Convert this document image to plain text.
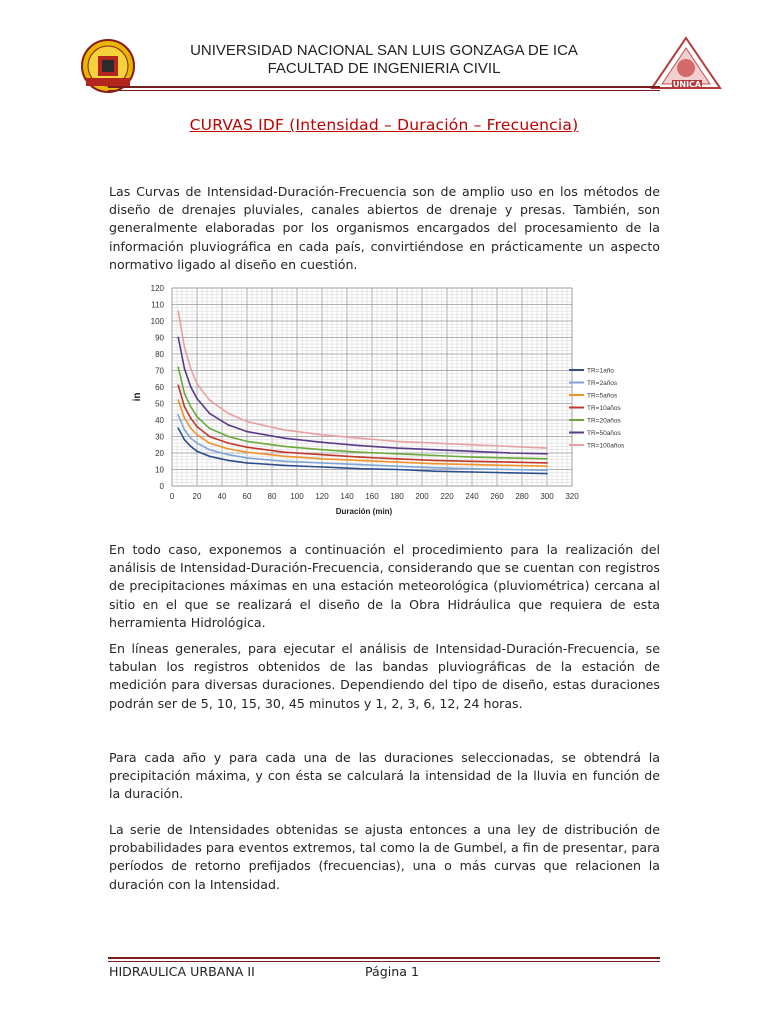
UNICA
UNIVERSIDAD NACIONAL SAN LUIS GONZAGA DE ICA
FACULTAD DE INGENIERIA CIVIL
CURVAS IDF (Intensidad – Duración – Frecuencia)

Las Curvas de Intensidad-Duración-Frecuencia son de amplio uso en los métodos de diseño de drenajes pluviales, canales abiertos de drenaje y presas. También, son generalmente elaboradas por los organismos encargados del procesamiento de la información pluviográfica en cada país, convirtiéndose en prácticamente un aspecto normativo ligado al diseño en cuestión.

0 20 40 60 80 100 120 140 160 180 200 220 240 260 280 300 320
0
10
20
30
40
50
60
70
80
90
100
110
120
Duración (min)
in
TR=1año
TR=2años
TR=5años
TR=10años
TR=20años
TR=50años
TR=100años

En todo caso, exponemos a continuación el procedimiento para la realización del análisis de Intensidad-Duración-Frecuencia, considerando que se cuentan con registros de precipitaciones máximas en una estación meteorológica (pluviométrica) cercana al sitio en el que se realizará el diseño de la Obra Hidráulica que requiera de esta herramienta Hidrológica.

En líneas generales, para ejecutar el análisis de Intensidad-Duración-Frecuencia, se tabulan los registros obtenidos de las bandas pluviográficas de la estación de medición para diversas duraciones. Dependiendo del tipo de diseño, estas duraciones podrán ser de 5, 10, 15, 30, 45 minutos y 1, 2, 3, 6, 12, 24 horas.

Para cada año y para cada una de las duraciones seleccionadas, se obtendrá la precipitación máxima, y con ésta se calculará la intensidad de la lluvia en función de la duración.

La serie de Intensidades obtenidas se ajusta entonces a una ley de distribución de probabilidades para eventos extremos, tal como la de Gumbel, a fin de presentar, para períodos de retorno prefijados (frecuencias), una o más curvas que relacionen la duración con la Intensidad.

HIDRAULICA URBANA II	Página 1
